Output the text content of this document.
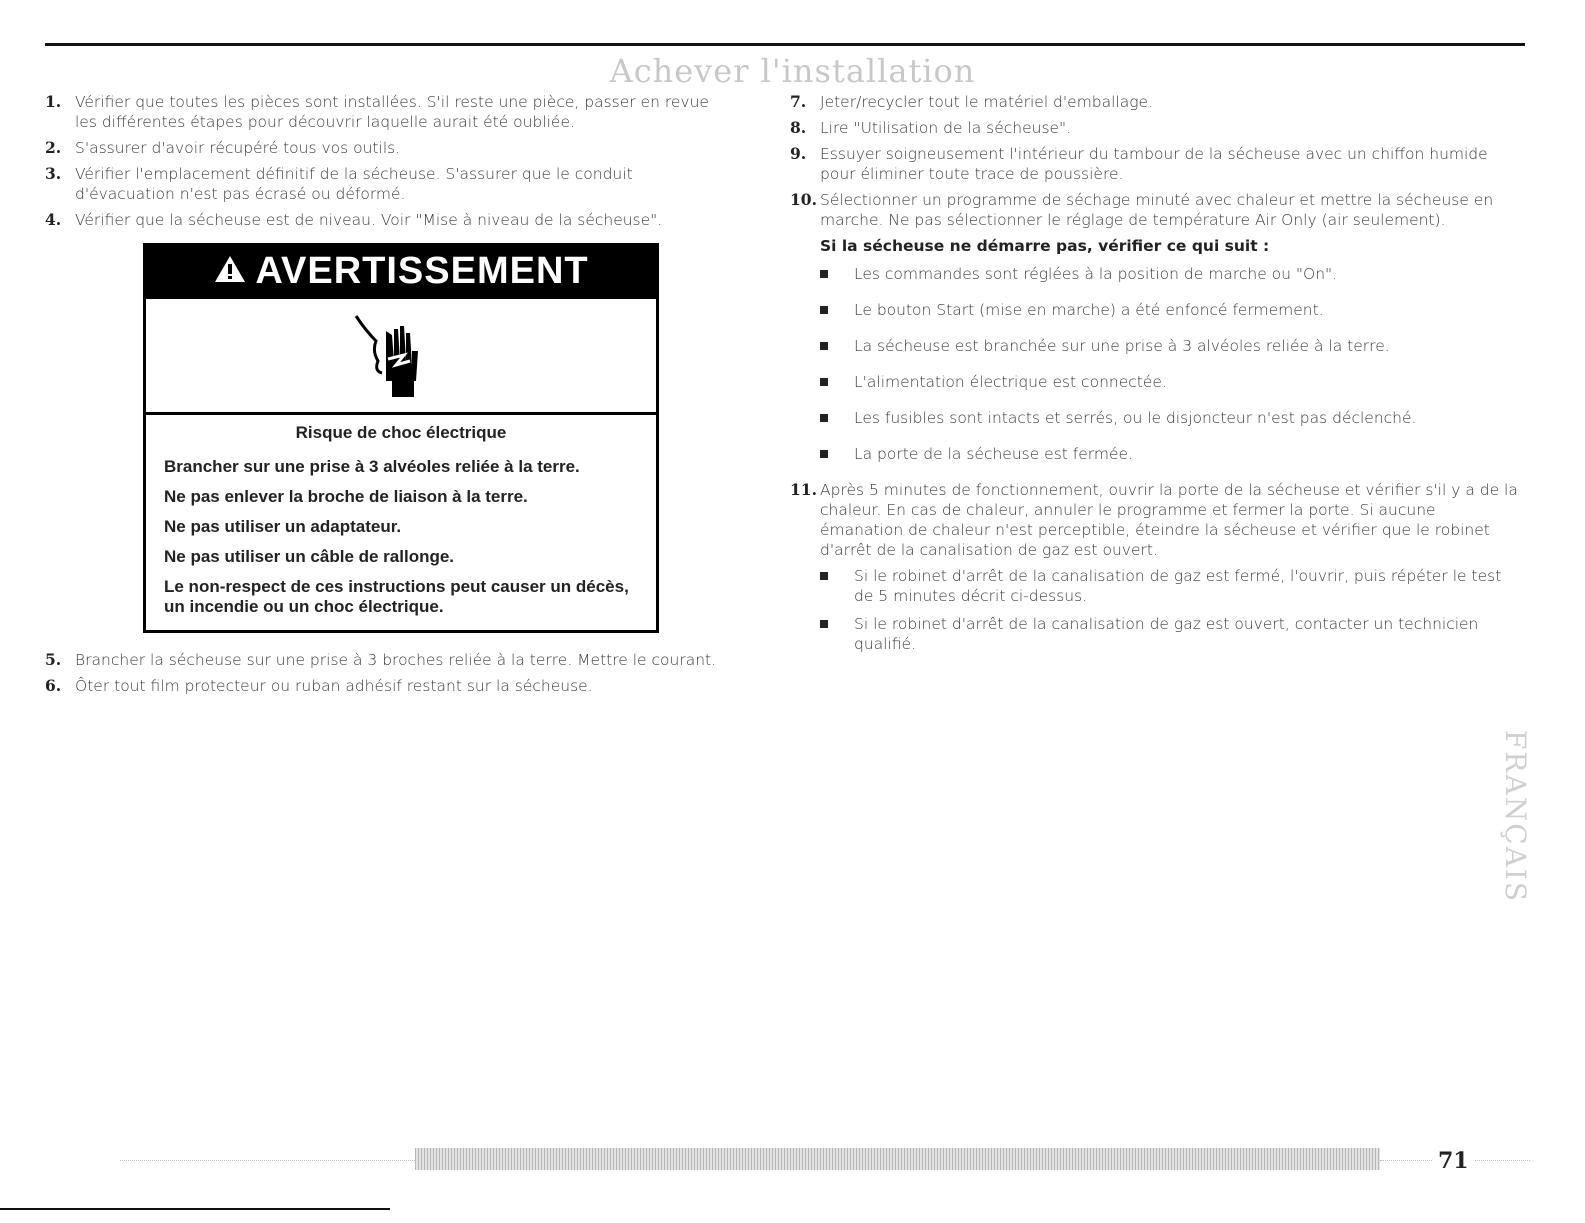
Achever l'installation
1. Vérifier que toutes les pièces sont installées. S'il reste une pièce, passer en revue les différentes étapes pour découvrir laquelle aurait été oubliée.
2. S'assurer d'avoir récupéré tous vos outils.
3. Vérifier l'emplacement définitif de la sécheuse. S'assurer que le conduit d'évacuation n'est pas écrasé ou déformé.
4. Vérifier que la sécheuse est de niveau. Voir "Mise à niveau de la sécheuse".
AVERTISSEMENT
Risque de choc électrique
Brancher sur une prise à 3 alvéoles reliée à la terre.
Ne pas enlever la broche de liaison à la terre.
Ne pas utiliser un adaptateur.
Ne pas utiliser un câble de rallonge.
Le non-respect de ces instructions peut causer un décès, un incendie ou un choc électrique.
5. Brancher la sécheuse sur une prise à 3 broches reliée à la terre. Mettre le courant.
6. Ôter tout film protecteur ou ruban adhésif restant sur la sécheuse.
7. Jeter/recycler tout le matériel d'emballage.
8. Lire "Utilisation de la sécheuse".
9. Essuyer soigneusement l'intérieur du tambour de la sécheuse avec un chiffon humide pour éliminer toute trace de poussière.
10. Sélectionner un programme de séchage minuté avec chaleur et mettre la sécheuse en marche. Ne pas sélectionner le réglage de température Air Only (air seulement).
Si la sécheuse ne démarre pas, vérifier ce qui suit :
Les commandes sont réglées à la position de marche ou "On".
Le bouton Start (mise en marche) a été enfoncé fermement.
La sécheuse est branchée sur une prise à 3 alvéoles reliée à la terre.
L'alimentation électrique est connectée.
Les fusibles sont intacts et serrés, ou le disjoncteur n'est pas déclenché.
La porte de la sécheuse est fermée.
11. Après 5 minutes de fonctionnement, ouvrir la porte de la sécheuse et vérifier s'il y a de la chaleur. En cas de chaleur, annuler le programme et fermer la porte. Si aucune émanation de chaleur n'est perceptible, éteindre la sécheuse et vérifier que le robinet d'arrêt de la canalisation de gaz est ouvert.
Si le robinet d'arrêt de la canalisation de gaz est fermé, l'ouvrir, puis répéter le test de 5 minutes décrit ci-dessus.
Si le robinet d'arrêt de la canalisation de gaz est ouvert, contacter un technicien qualifié.
FRANÇAIS
71
